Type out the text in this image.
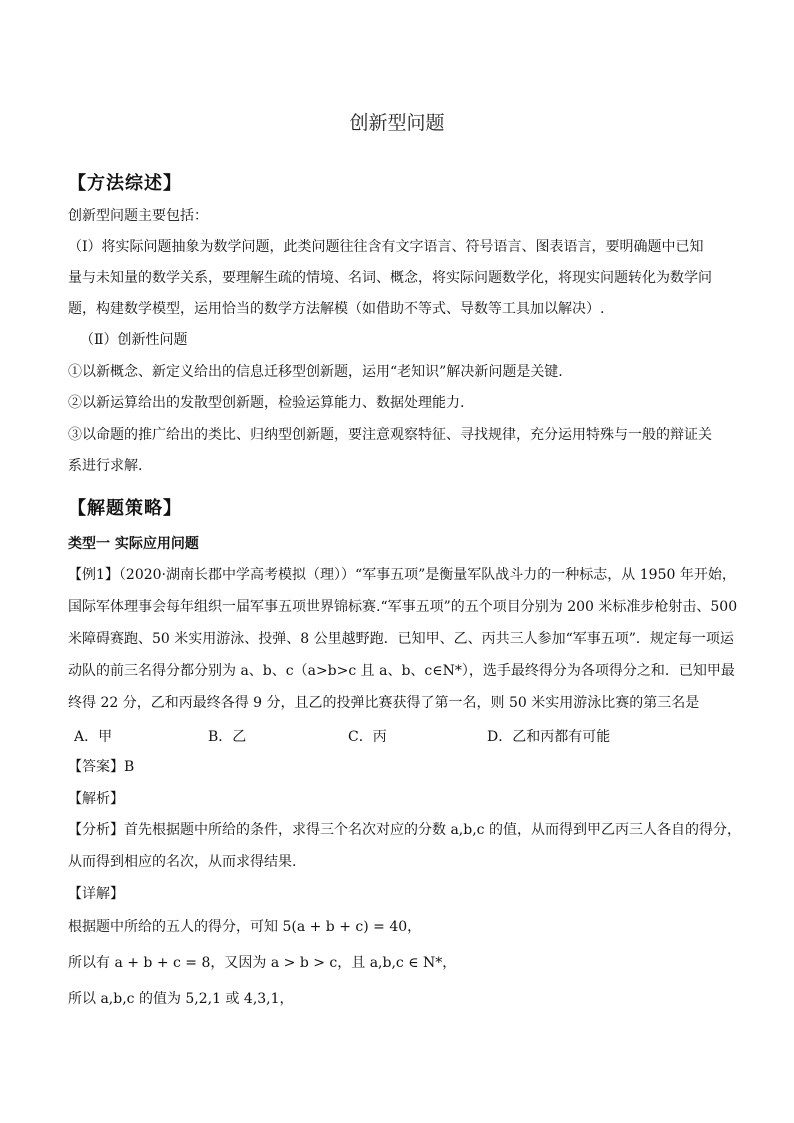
创新型问题
【方法综述】
创新型问题主要包括：
（Ⅰ）将实际问题抽象为数学问题，此类问题往往含有文字语言、符号语言、图表语言，要明确题中已知
量与未知量的数学关系，要理解生疏的情境、名词、概念，将实际问题数学化，将现实问题转化为数学问
题，构建数学模型，运用恰当的数学方法解模（如借助不等式、导数等工具加以解决）.
（Ⅱ）创新性问题
①以新概念、新定义给出的信息迁移型创新题，运用“老知识”解决新问题是关键.
②以新运算给出的发散型创新题，检验运算能力、数据处理能力.
③以命题的推广给出的类比、归纳型创新题，要注意观察特征、寻找规律，充分运用特殊与一般的辩证关
系进行求解.
【解题策略】
类型一 实际应用问题
【例1】（2020·湖南长郡中学高考模拟（理））“军事五项”是衡量军队战斗力的一种标志，从 1950 年开始，
国际军体理事会每年组织一届军事五项世界锦标赛.“军事五项”的五个项目分别为 200 米标准步枪射击、500
米障碍赛跑、50 米实用游泳、投弹、8 公里越野跑．已知甲、乙、丙共三人参加“军事五项”．规定每一项运
动队的前三名得分都分别为 a、b、c（a>b>c 且 a、b、c∈N*），选手最终得分为各项得分之和．已知甲最
终得 22 分，乙和丙最终各得 9 分，且乙的投弹比赛获得了第一名，则 50 米实用游泳比赛的第三名是
A．甲	B．乙	C．丙	D．乙和丙都有可能
【答案】B
【解析】
【分析】首先根据题中所给的条件，求得三个名次对应的分数 a,b,c 的值，从而得到甲乙丙三人各自的得分，
从而得到相应的名次，从而求得结果.
【详解】
根据题中所给的五人的得分，可知 5(a + b + c) = 40，
所以有 a + b + c = 8，又因为 a > b > c，且 a,b,c ∈ N*，
所以 a,b,c 的值为 5,2,1 或 4,3,1，
